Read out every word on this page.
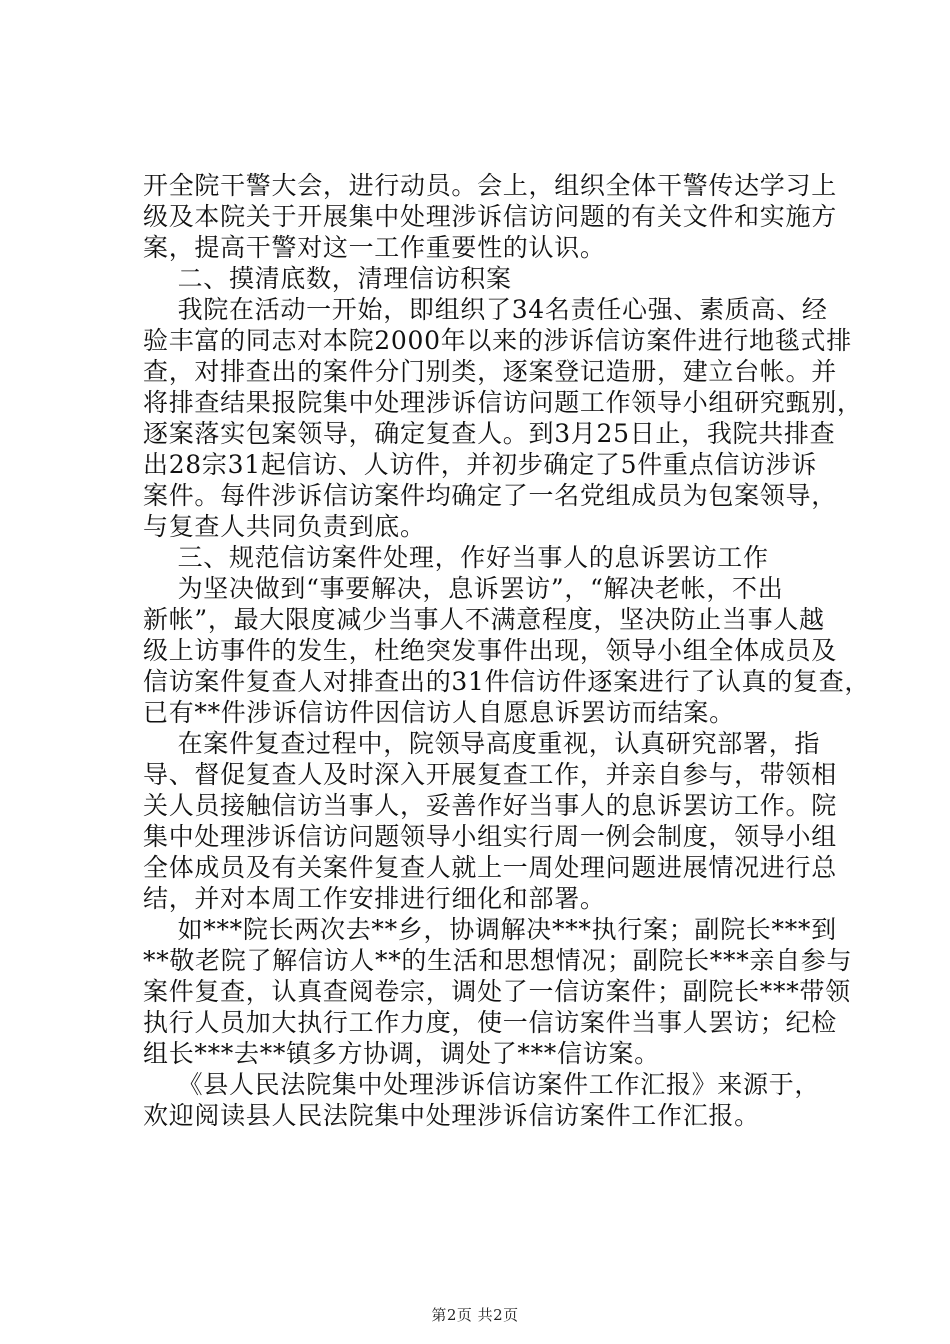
开全院干警大会，进行动员。会上，组织全体干警传达学习上
级及本院关于开展集中处理涉诉信访问题的有关文件和实施方
案，提高干警对这一工作重要性的认识。
二、摸清底数，清理信访积案
我院在活动一开始，即组织了34名责任心强、素质高、经
验丰富的同志对本院2000年以来的涉诉信访案件进行地毯式排
查，对排查出的案件分门别类，逐案登记造册，建立台帐。并
将排查结果报院集中处理涉诉信访问题工作领导小组研究甄别，
逐案落实包案领导，确定复查人。到3月25日止，我院共排查
出28宗31起信访、人访件，并初步确定了5件重点信访涉诉
案件。每件涉诉信访案件均确定了一名党组成员为包案领导，
与复查人共同负责到底。
三、规范信访案件处理，作好当事人的息诉罢访工作
为坚决做到“事要解决，息诉罢访”，“解决老帐，不出
新帐”，最大限度减少当事人不满意程度，坚决防止当事人越
级上访事件的发生，杜绝突发事件出现，领导小组全体成员及
信访案件复查人对排查出的31件信访件逐案进行了认真的复查，
已有**件涉诉信访件因信访人自愿息诉罢访而结案。
在案件复查过程中，院领导高度重视，认真研究部署，指
导、督促复查人及时深入开展复查工作，并亲自参与，带领相
关人员接触信访当事人，妥善作好当事人的息诉罢访工作。院
集中处理涉诉信访问题领导小组实行周一例会制度，领导小组
全体成员及有关案件复查人就上一周处理问题进展情况进行总
结，并对本周工作安排进行细化和部署。
如***院长两次去**乡，协调解决***执行案；副院长***到
**敬老院了解信访人**的生活和思想情况；副院长***亲自参与
案件复查，认真查阅卷宗，调处了一信访案件；副院长***带领
执行人员加大执行工作力度，使一信访案件当事人罢访；纪检
组长***去**镇多方协调，调处了***信访案。
《县人民法院集中处理涉诉信访案件工作汇报》来源于，
欢迎阅读县人民法院集中处理涉诉信访案件工作汇报。
第2页 共2页
